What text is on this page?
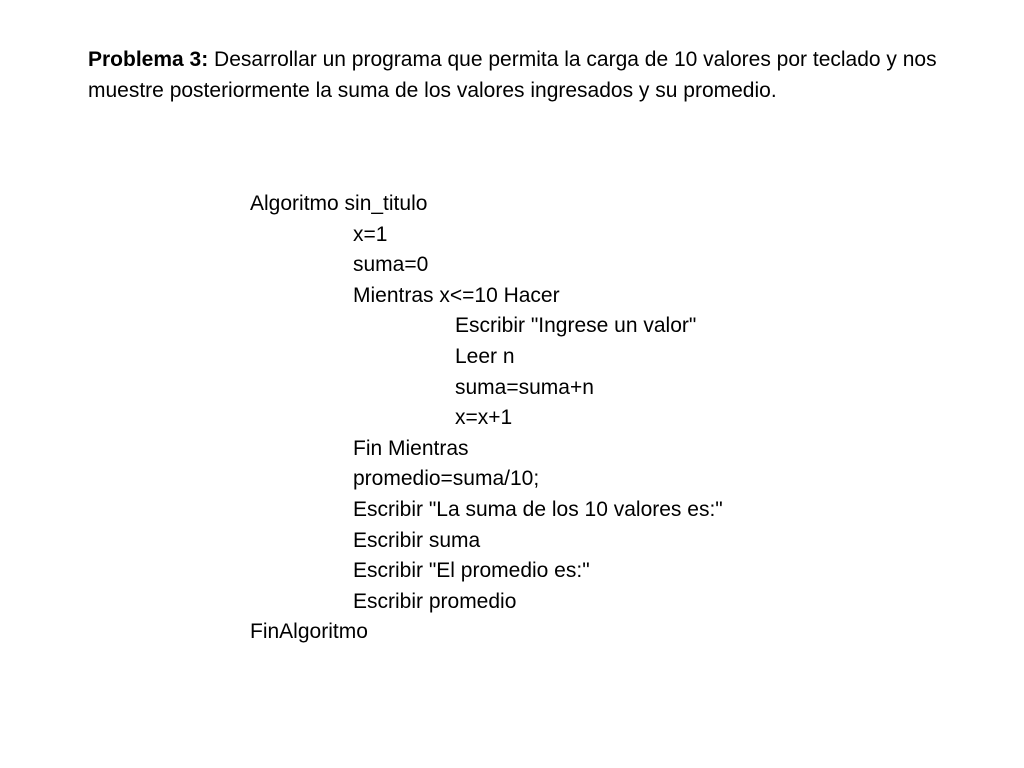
Problema 3: Desarrollar un programa que permita la carga de 10 valores por teclado y nos muestre posteriormente la suma de los valores ingresados y su promedio.

Algoritmo sin_titulo
x=1
suma=0
Mientras x<=10 Hacer
Escribir "Ingrese un valor"
Leer n
suma=suma+n
x=x+1
Fin Mientras
promedio=suma/10;
Escribir "La suma de los 10 valores es:"
Escribir suma
Escribir "El promedio es:"
Escribir promedio
FinAlgoritmo
